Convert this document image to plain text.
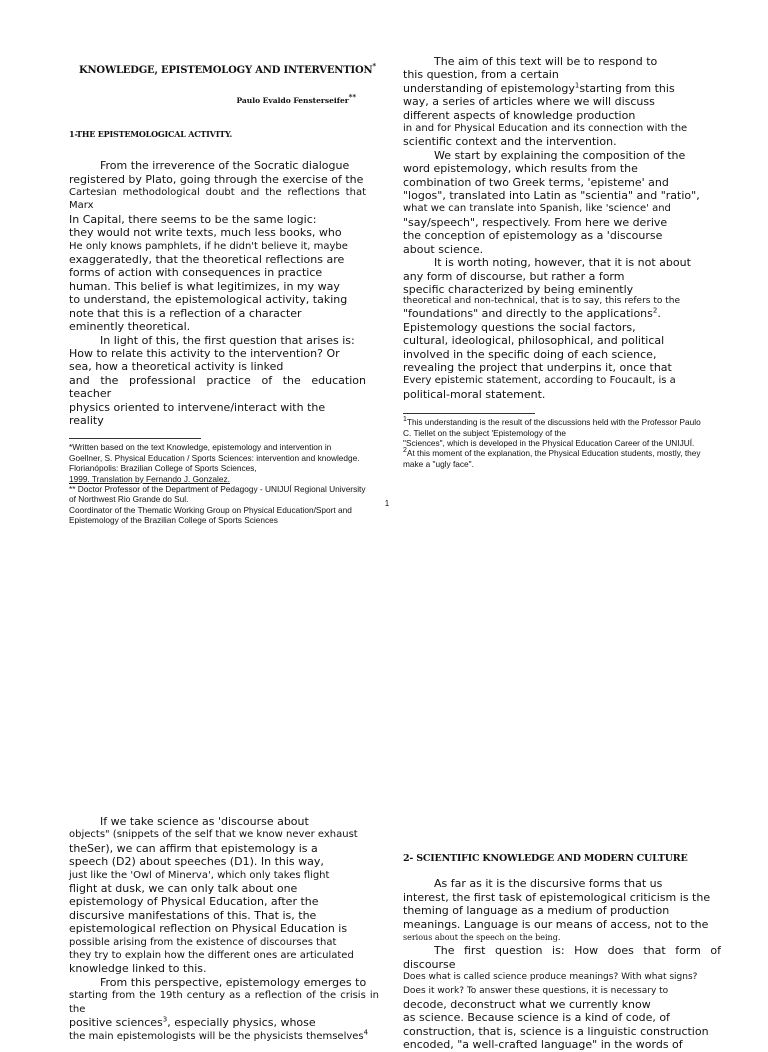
KNOWLEDGE, EPISTEMOLOGY AND INTERVENTION*

Paulo Evaldo Fensterseifer**

1-THE EPISTEMOLOGICAL ACTIVITY.

From the irreverence of the Socratic dialogue

registered by Plato, going through the exercise of the

Cartesian methodological doubt and the reflections that Marx

In Capital, there seems to be the same logic:

they would not write texts, much less books, who

He only knows pamphlets, if he didn't believe it, maybe

exaggeratedly, that the theoretical reflections are

forms of action with consequences in practice

human. This belief is what legitimizes, in my way

to understand, the epistemological activity, taking

note that this is a reflection of a character

eminently theoretical.

In light of this, the first question that arises is:

How to relate this activity to the intervention? Or

sea, how a theoretical activity is linked

and the professional practice of the education teacher

physics oriented to intervene/interact with the

reality

*Written based on the text Knowledge, epistemology and intervention in Goellner, S. Physical Education / Sports Sciences: intervention and knowledge. Florianópolis: Brazilian College of Sports Sciences,

1999. Translation by Fernando J. Gonzalez.

** Doctor Professor of the Department of Pedagogy - UNIJUÍ Regional University of Northwest Rio Grande do Sul.

Coordinator of the Thematic Working Group on Physical Education/Sport and Epistemology of the Brazilian College of Sports Sciences

The aim of this text will be to respond to

this question, from a certain

understanding of epistemology$^1$starting from this

way, a series of articles where we will discuss

different aspects of knowledge production

in and for Physical Education and its connection with the

scientific context and the intervention.

We start by explaining the composition of the

word epistemology, which results from the

combination of two Greek terms, 'episteme' and

"logos", translated into Latin as "scientia" and "ratio",

what we can translate into Spanish, like 'science' and

"say/speech", respectively. From here we derive

the conception of epistemology as a 'discourse

about science.

It is worth noting, however, that it is not about

any form of discourse, but rather a form

specific characterized by being eminently

theoretical and non-technical, that is to say, this refers to the

"foundations" and directly to the applications$^2$.

Epistemology questions the social factors,

cultural, ideological, philosophical, and political

involved in the specific doing of each science,

revealing the project that underpins it, once that

Every epistemic statement, according to Foucault, is a

political-moral statement.

$^1$This understanding is the result of the discussions held with the Professor Paulo C. Tiellet on the subject 'Epistemology of the

"Sciences", which is developed in the Physical Education Career of the UNIJUÍ.

$^2$At this moment of the explanation, the Physical Education students, mostly, they make a "ugly face".

1

If we take science as 'discourse about

objects" (snippets of the self that we know never exhaust

theSer), we can affirm that epistemology is a

speech (D2) about speeches (D1). In this way,

just like the 'Owl of Minerva', which only takes flight

flight at dusk, we can only talk about one

epistemology of Physical Education, after the

discursive manifestations of this. That is, the

epistemological reflection on Physical Education is

possible arising from the existence of discourses that

they try to explain how the different ones are articulated

knowledge linked to this.

From this perspective, epistemology emerges to

starting from the 19th century as a reflection of the crisis in the

positive sciences$^3$, especially physics, whose

the main epistemologists will be the physicists themselves$^4$

2- SCIENTIFIC KNOWLEDGE AND MODERN CULTURE

As far as it is the discursive forms that us

interest, the first task of epistemological criticism is the

theming of language as a medium of production

meanings. Language is our means of access, not to the

serious about the speech on the being.

The first question is: How does that form of discourse

Does what is called science produce meanings? With what signs?

Does it work? To answer these questions, it is necessary to

decode, deconstruct what we currently know

as science. Because science is a kind of code, of

construction, that is, science is a linguistic construction

encoded, "a well-crafted language" in the words of
